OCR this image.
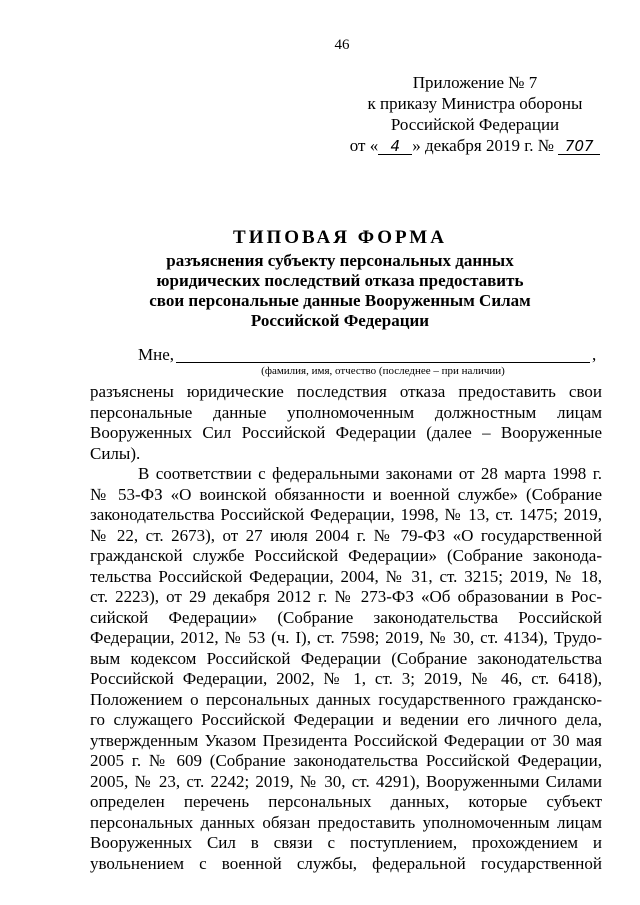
46
Приложение № 7
к приказу Министра обороны
Российской Федерации
от « 4 » декабря 2019 г. № 707
ТИПОВАЯ ФОРМА
разъяснения субъекту персональных данных
юридических последствий отказа предоставить
свои персональные данные Вооруженным Силам
Российской Федерации
Мне,	,
(фамилия, имя, отчество (последнее – при наличии)
разъяснены юридические последствия отказа предоставить свои
персональные данные уполномоченным должностным лицам
Вооруженных Сил Российской Федерации (далее – Вооруженные
Силы).
В соответствии с федеральными законами от 28 марта 1998 г.
№ 53-ФЗ «О воинской обязанности и военной службе» (Собрание
законодательства Российской Федерации, 1998, № 13, ст. 1475; 2019,
№ 22, ст. 2673), от 27 июля 2004 г. № 79-ФЗ «О государственной
гражданской службе Российской Федерации» (Собрание законода-
тельства Российской Федерации, 2004, № 31, ст. 3215; 2019, № 18,
ст. 2223), от 29 декабря 2012 г. № 273-ФЗ «Об образовании в Рос-
сийской Федерации» (Собрание законодательства Российской
Федерации, 2012, № 53 (ч. I), ст. 7598; 2019, № 30, ст. 4134), Трудо-
вым кодексом Российской Федерации (Собрание законодательства
Российской Федерации, 2002, № 1, ст. 3; 2019, № 46, ст. 6418),
Положением о персональных данных государственного гражданско-
го служащего Российской Федерации и ведении его личного дела,
утвержденным Указом Президента Российской Федерации от 30 мая
2005 г. № 609 (Собрание законодательства Российской Федерации,
2005, № 23, ст. 2242; 2019, № 30, ст. 4291), Вооруженными Силами
определен перечень персональных данных, которые субъект
персональных данных обязан предоставить уполномоченным лицам
Вооруженных Сил в связи с поступлением, прохождением и
увольнением с военной службы, федеральной государственной
